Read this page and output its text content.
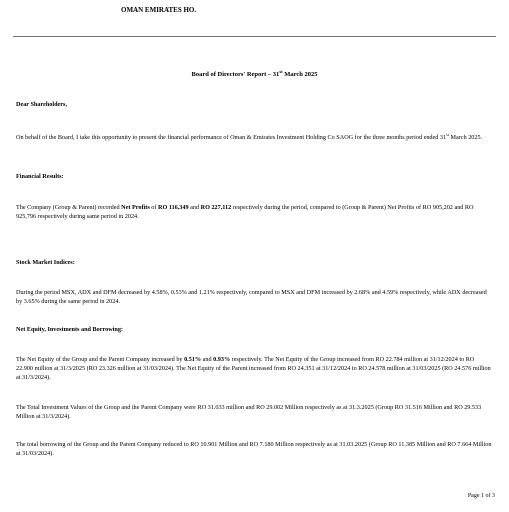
OMAN EMIRATES HO.
Board of Directors' Report – 31st March 2025

Dear Shareholders,

On behalf of the Board, I take this opportunity to present the financial performance of Oman & Emirates Investment Holding Co SAOG for the three months period ended 31st March 2025.

Financial Results:

The Company (Group & Parent) recorded Net Profits of RO 116,349 and RO 227,112 respectively during the period, compared to (Group & Parent) Net Profits of RO 905,202 and RO 925,796 respectively during same period in 2024.

Stock Market Indices:

During the period MSX, ADX and DFM decreased by 4.58%, 0.53% and 1.21% respectively, compared to MSX and DFM increased by 2.68% and 4.59% respectively, while ADX decreased by 3.65% during the same period in 2024.

Net Equity, Investments and Borrowing:

The Net Equity of the Group and the Parent Company increased by 0.51% and 0.93% respectively. The Net Equity of the Group increased from RO 22.784 million at 31/12/2024 to RO 22.900 million at 31/3/2025 (RO 23.326 million at 31/03/2024). The Net Equity of the Parent increased from RO 24.351 at 31/12/2024 to RO 24.578 million at 31/03/2025 (RO 24.576 million at 31/3/2024).

The Total Investment Values of the Group and the Parent Company were RO 31.033 million and RO 29.002 Million respectively as at 31.3.2025 (Group RO 31.516 Million and RO 29.533 Million at 31/3/2024).

The total borrowing of the Group and the Parent Company reduced to RO 10.901 Million and RO 7.180 Million respectively as at 31.03.2025 (Group RO 11.385 Million and RO 7.664 Million at 31/03/2024).

Page 1 of 3
